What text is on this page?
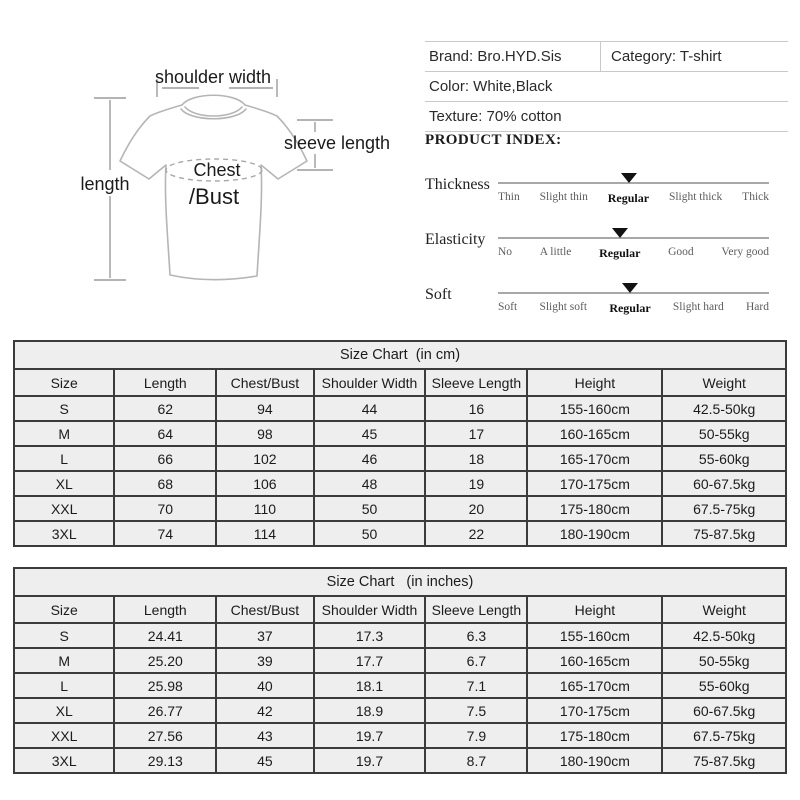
shoulder width
sleeve length
length
Chest
/Bust
Brand: Bro.HYD.Sis	Category: T-shirt
Color: White,Black
Texture: 70% cotton
PRODUCT INDEX:
Thickness
Thin Slight thin Regular Slight thick Thick
Elasticity
No A little Regular Good Very good
Soft
Soft Slight soft Regular Slight hard Hard
Size Chart  (in cm)						
Size	Length	Chest/Bust	Shoulder Width	Sleeve Length	Height	Weight
S	62	94	44	16	155-160cm	42.5-50kg
M	64	98	45	17	160-165cm	50-55kg
L	66	102	46	18	165-170cm	55-60kg
XL	68	106	48	19	170-175cm	60-67.5kg
XXL	70	110	50	20	175-180cm	67.5-75kg
3XL	74	114	50	22	180-190cm	75-87.5kg
Size Chart   (in inches)						
Size	Length	Chest/Bust	Shoulder Width	Sleeve Length	Height	Weight
S	24.41	37	17.3	6.3	155-160cm	42.5-50kg
M	25.20	39	17.7	6.7	160-165cm	50-55kg
L	25.98	40	18.1	7.1	165-170cm	55-60kg
XL	26.77	42	18.9	7.5	170-175cm	60-67.5kg
XXL	27.56	43	19.7	7.9	175-180cm	67.5-75kg
3XL	29.13	45	19.7	8.7	180-190cm	75-87.5kg
